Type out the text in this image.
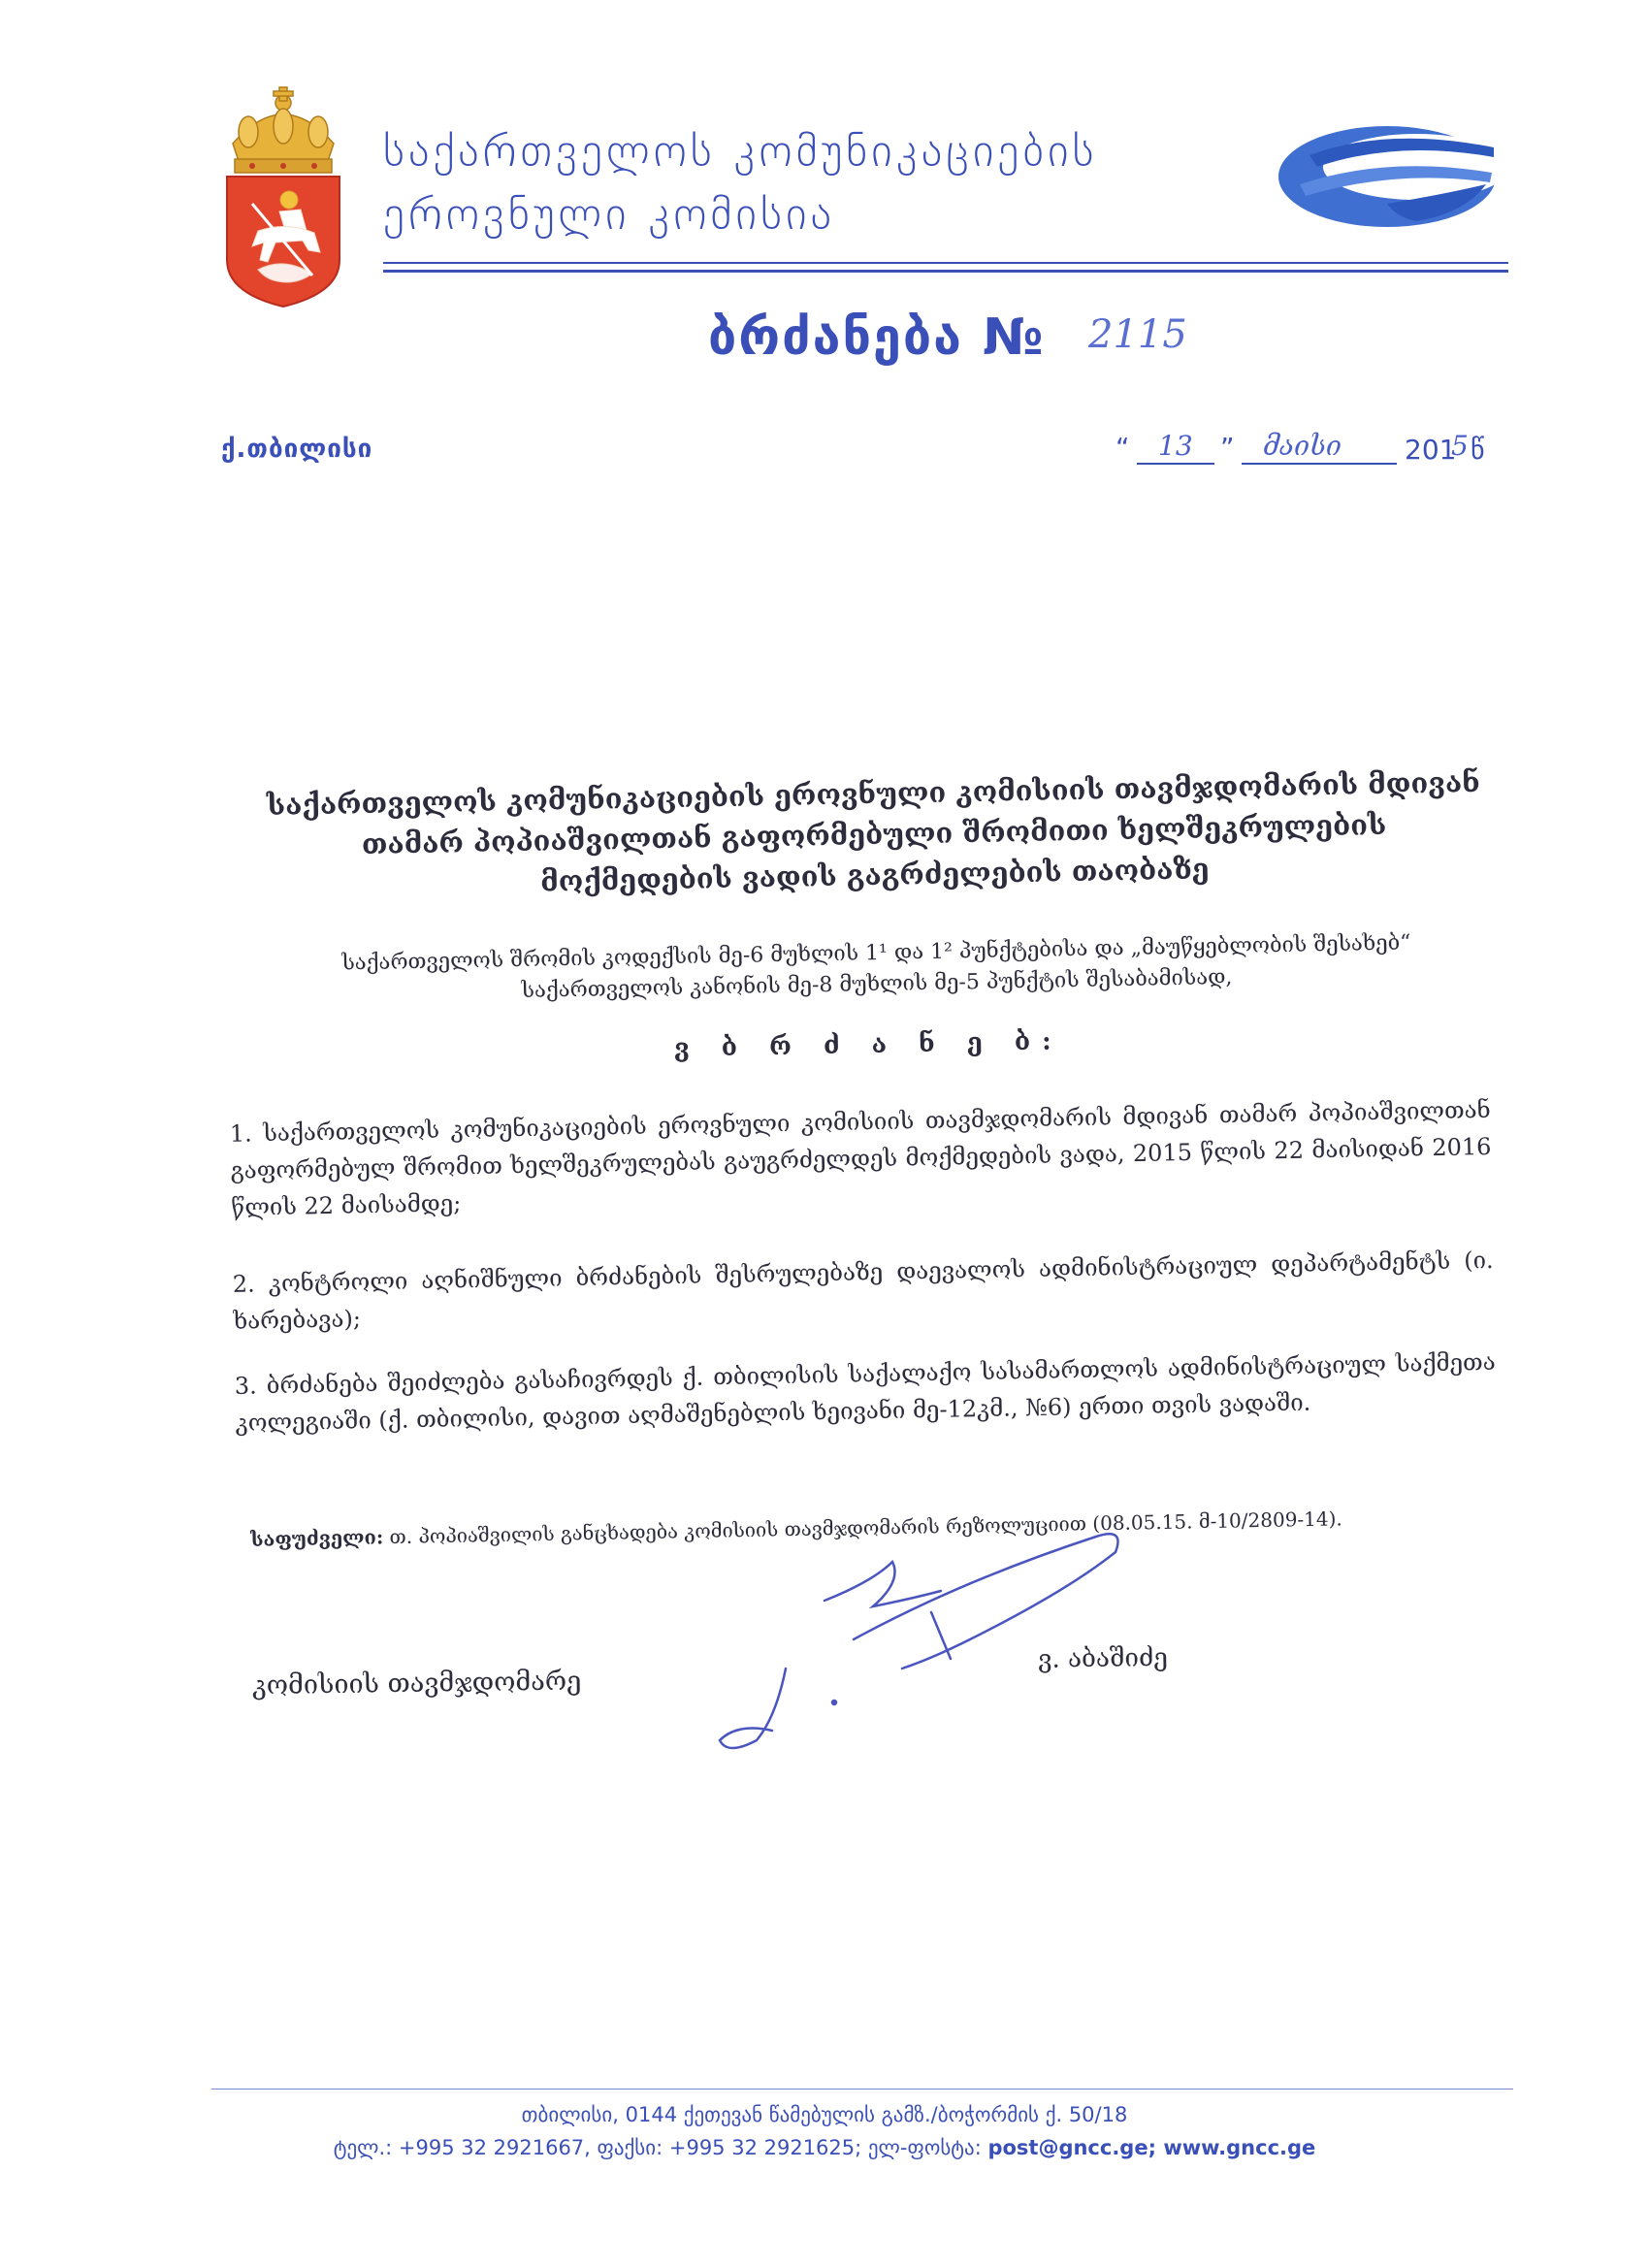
საქართველოს კომუნიკაციების
ეროვნული კომისია
ბრძანება № 2115
ქ.თბილისი	“ 13 ” მაისი 201
5 წ
საქართველოს კომუნიკაციების ეროვნული კომისიის თავმჯდომარის მდივან თამარ პოპიაშვილთან გაფორმებული შრომითი ხელშეკრულების მოქმედების ვადის გაგრძელების თაობაზე
საქართველოს შრომის კოდექსის მე-6 მუხლის 1¹ და 1² პუნქტებისა და „მაუწყებლობის შესახებ“ საქართველოს კანონის მე-8 მუხლის მე-5 პუნქტის შესაბამისად,
ვ ბ რ ძ ა ნ ე ბ:
1. საქართველოს კომუნიკაციების ეროვნული კომისიის თავმჯდომარის მდივან თამარ პოპიაშვილთან გაფორმებულ შრომით ხელშეკრულებას გაუგრძელდეს მოქმედების ვადა, 2015 წლის 22 მაისიდან 2016 წლის 22 მაისამდე;
2. კონტროლი აღნიშნული ბრძანების შესრულებაზე დაევალოს ადმინისტრაციულ დეპარტამენტს (ი. ხარებავა);
3. ბრძანება შეიძლება გასაჩივრდეს ქ. თბილისის საქალაქო სასამართლოს ადმინისტრაციულ საქმეთა კოლეგიაში (ქ. თბილისი, დავით აღმაშენებლის ხეივანი მე-12კმ., №6) ერთი თვის ვადაში.
საფუძველი: თ. პოპიაშვილის განცხადება კომისიის თავმჯდომარის რეზოლუციით (08.05.15. მ-10/2809-14).
კომისიის თავმჯდომარე
ვ. აბაშიძე
თბილისი, 0144 ქეთევან წამებულის გამზ./ბოჭორმის ქ. 50/18
ტელ.: +995 32 2921667, ფაქსი: +995 32 2921625; ელ-ფოსტა: post@gncc.ge; www.gncc.ge
